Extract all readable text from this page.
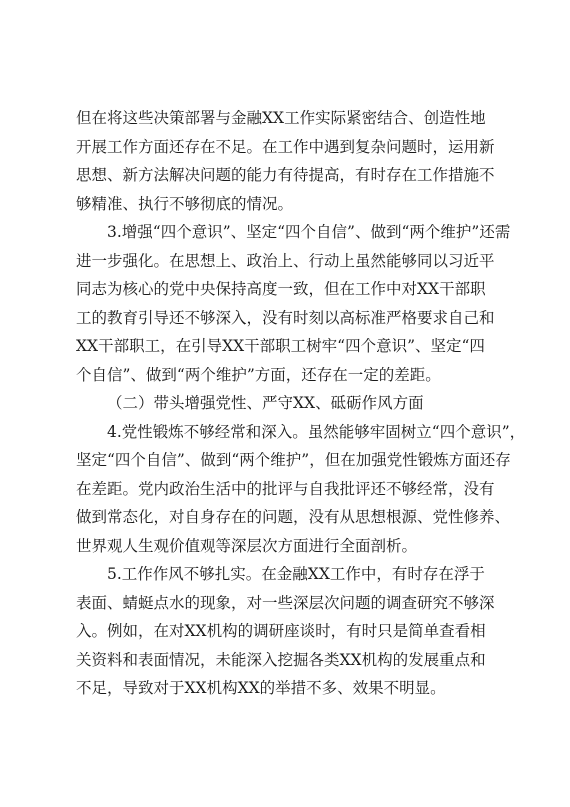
但在将这些决策部署与金融XX工作实际紧密结合、创造性地
开展工作方面还存在不足。在工作中遇到复杂问题时，运用新
思想、新方法解决问题的能力有待提高，有时存在工作措施不
够精准、执行不够彻底的情况。
3.增强“四个意识”、坚定“四个自信”、做到“两个维护”还需
进一步强化。在思想上、政治上、行动上虽然能够同以习近平
同志为核心的党中央保持高度一致，但在工作中对XX干部职
工的教育引导还不够深入，没有时刻以高标准严格要求自己和
XX干部职工，在引导XX干部职工树牢“四个意识”、坚定“四
个自信”、做到“两个维护”方面，还存在一定的差距。
（二）带头增强党性、严守XX、砥砺作风方面
4.党性锻炼不够经常和深入。虽然能够牢固树立“四个意识”，
坚定“四个自信”、做到“两个维护”，但在加强党性锻炼方面还存
在差距。党内政治生活中的批评与自我批评还不够经常，没有
做到常态化，对自身存在的问题，没有从思想根源、党性修养、
世界观人生观价值观等深层次方面进行全面剖析。
5.工作作风不够扎实。在金融XX工作中，有时存在浮于
表面、蜻蜓点水的现象，对一些深层次问题的调查研究不够深
入。例如，在对XX机构的调研座谈时，有时只是简单查看相
关资料和表面情况，未能深入挖掘各类XX机构的发展重点和
不足，导致对于XX机构XX的举措不多、效果不明显。
